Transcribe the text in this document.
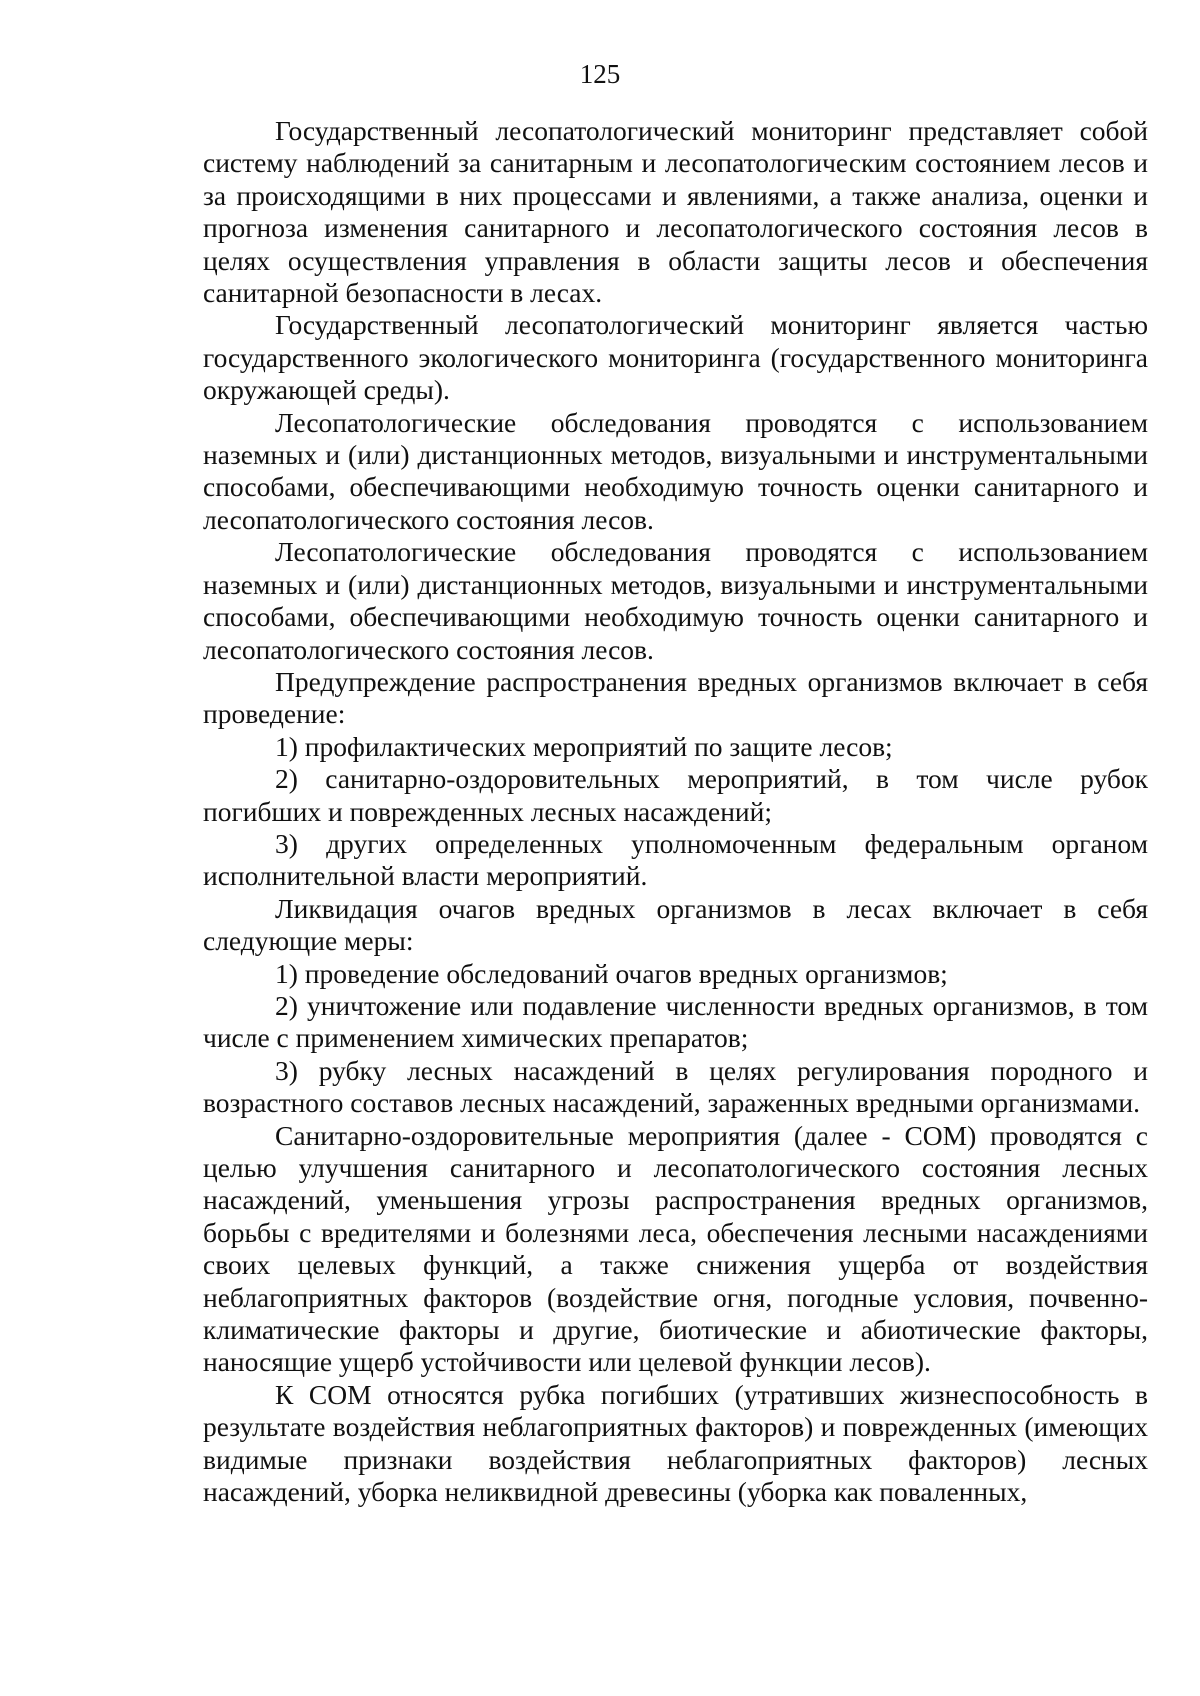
125

Государственный лесопатологический мониторинг представляет собой систему наблюдений за санитарным и лесопатологическим состоянием лесов и за происходящими в них процессами и явлениями, а также анализа, оценки и прогноза изменения санитарного и лесопатологического состояния лесов в целях осуществления управления в области защиты лесов и обеспечения санитарной безопасности в лесах.

Государственный лесопатологический мониторинг является частью государственного экологического мониторинга (государственного мониторинга окружающей среды).

Лесопатологические обследования проводятся с использованием наземных и (или) дистанционных методов, визуальными и инструментальными способами, обеспечивающими необходимую точность оценки санитарного и лесопатологического состояния лесов.

Лесопатологические обследования проводятся с использованием наземных и (или) дистанционных методов, визуальными и инструментальными способами, обеспечивающими необходимую точность оценки санитарного и лесопатологического состояния лесов.

Предупреждение распространения вредных организмов включает в себя проведение:

1) профилактических мероприятий по защите лесов;

2) санитарно-оздоровительных мероприятий, в том числе рубок погибших и поврежденных лесных насаждений;

3) других определенных уполномоченным федеральным органом исполнительной власти мероприятий.

Ликвидация очагов вредных организмов в лесах включает в себя следующие меры:

1) проведение обследований очагов вредных организмов;

2) уничтожение или подавление численности вредных организмов, в том числе с применением химических препаратов;

3) рубку лесных насаждений в целях регулирования породного и возрастного составов лесных насаждений, зараженных вредными организмами.

Санитарно-оздоровительные мероприятия (далее - СОМ) проводятся с целью улучшения санитарного и лесопатологического состояния лесных насаждений, уменьшения угрозы распространения вредных организмов, борьбы с вредителями и болезнями леса, обеспечения лесными насаждениями своих целевых функций, а также снижения ущерба от воздействия неблагоприятных факторов (воздействие огня, погодные условия, почвенно-климатические факторы и другие, биотические и абиотические факторы, наносящие ущерб устойчивости или целевой функции лесов).

К СОМ относятся рубка погибших (утративших жизнеспособность в результате воздействия неблагоприятных факторов) и поврежденных (имеющих видимые признаки воздействия неблагоприятных факторов) лесных насаждений, уборка неликвидной древесины (уборка как поваленных,
